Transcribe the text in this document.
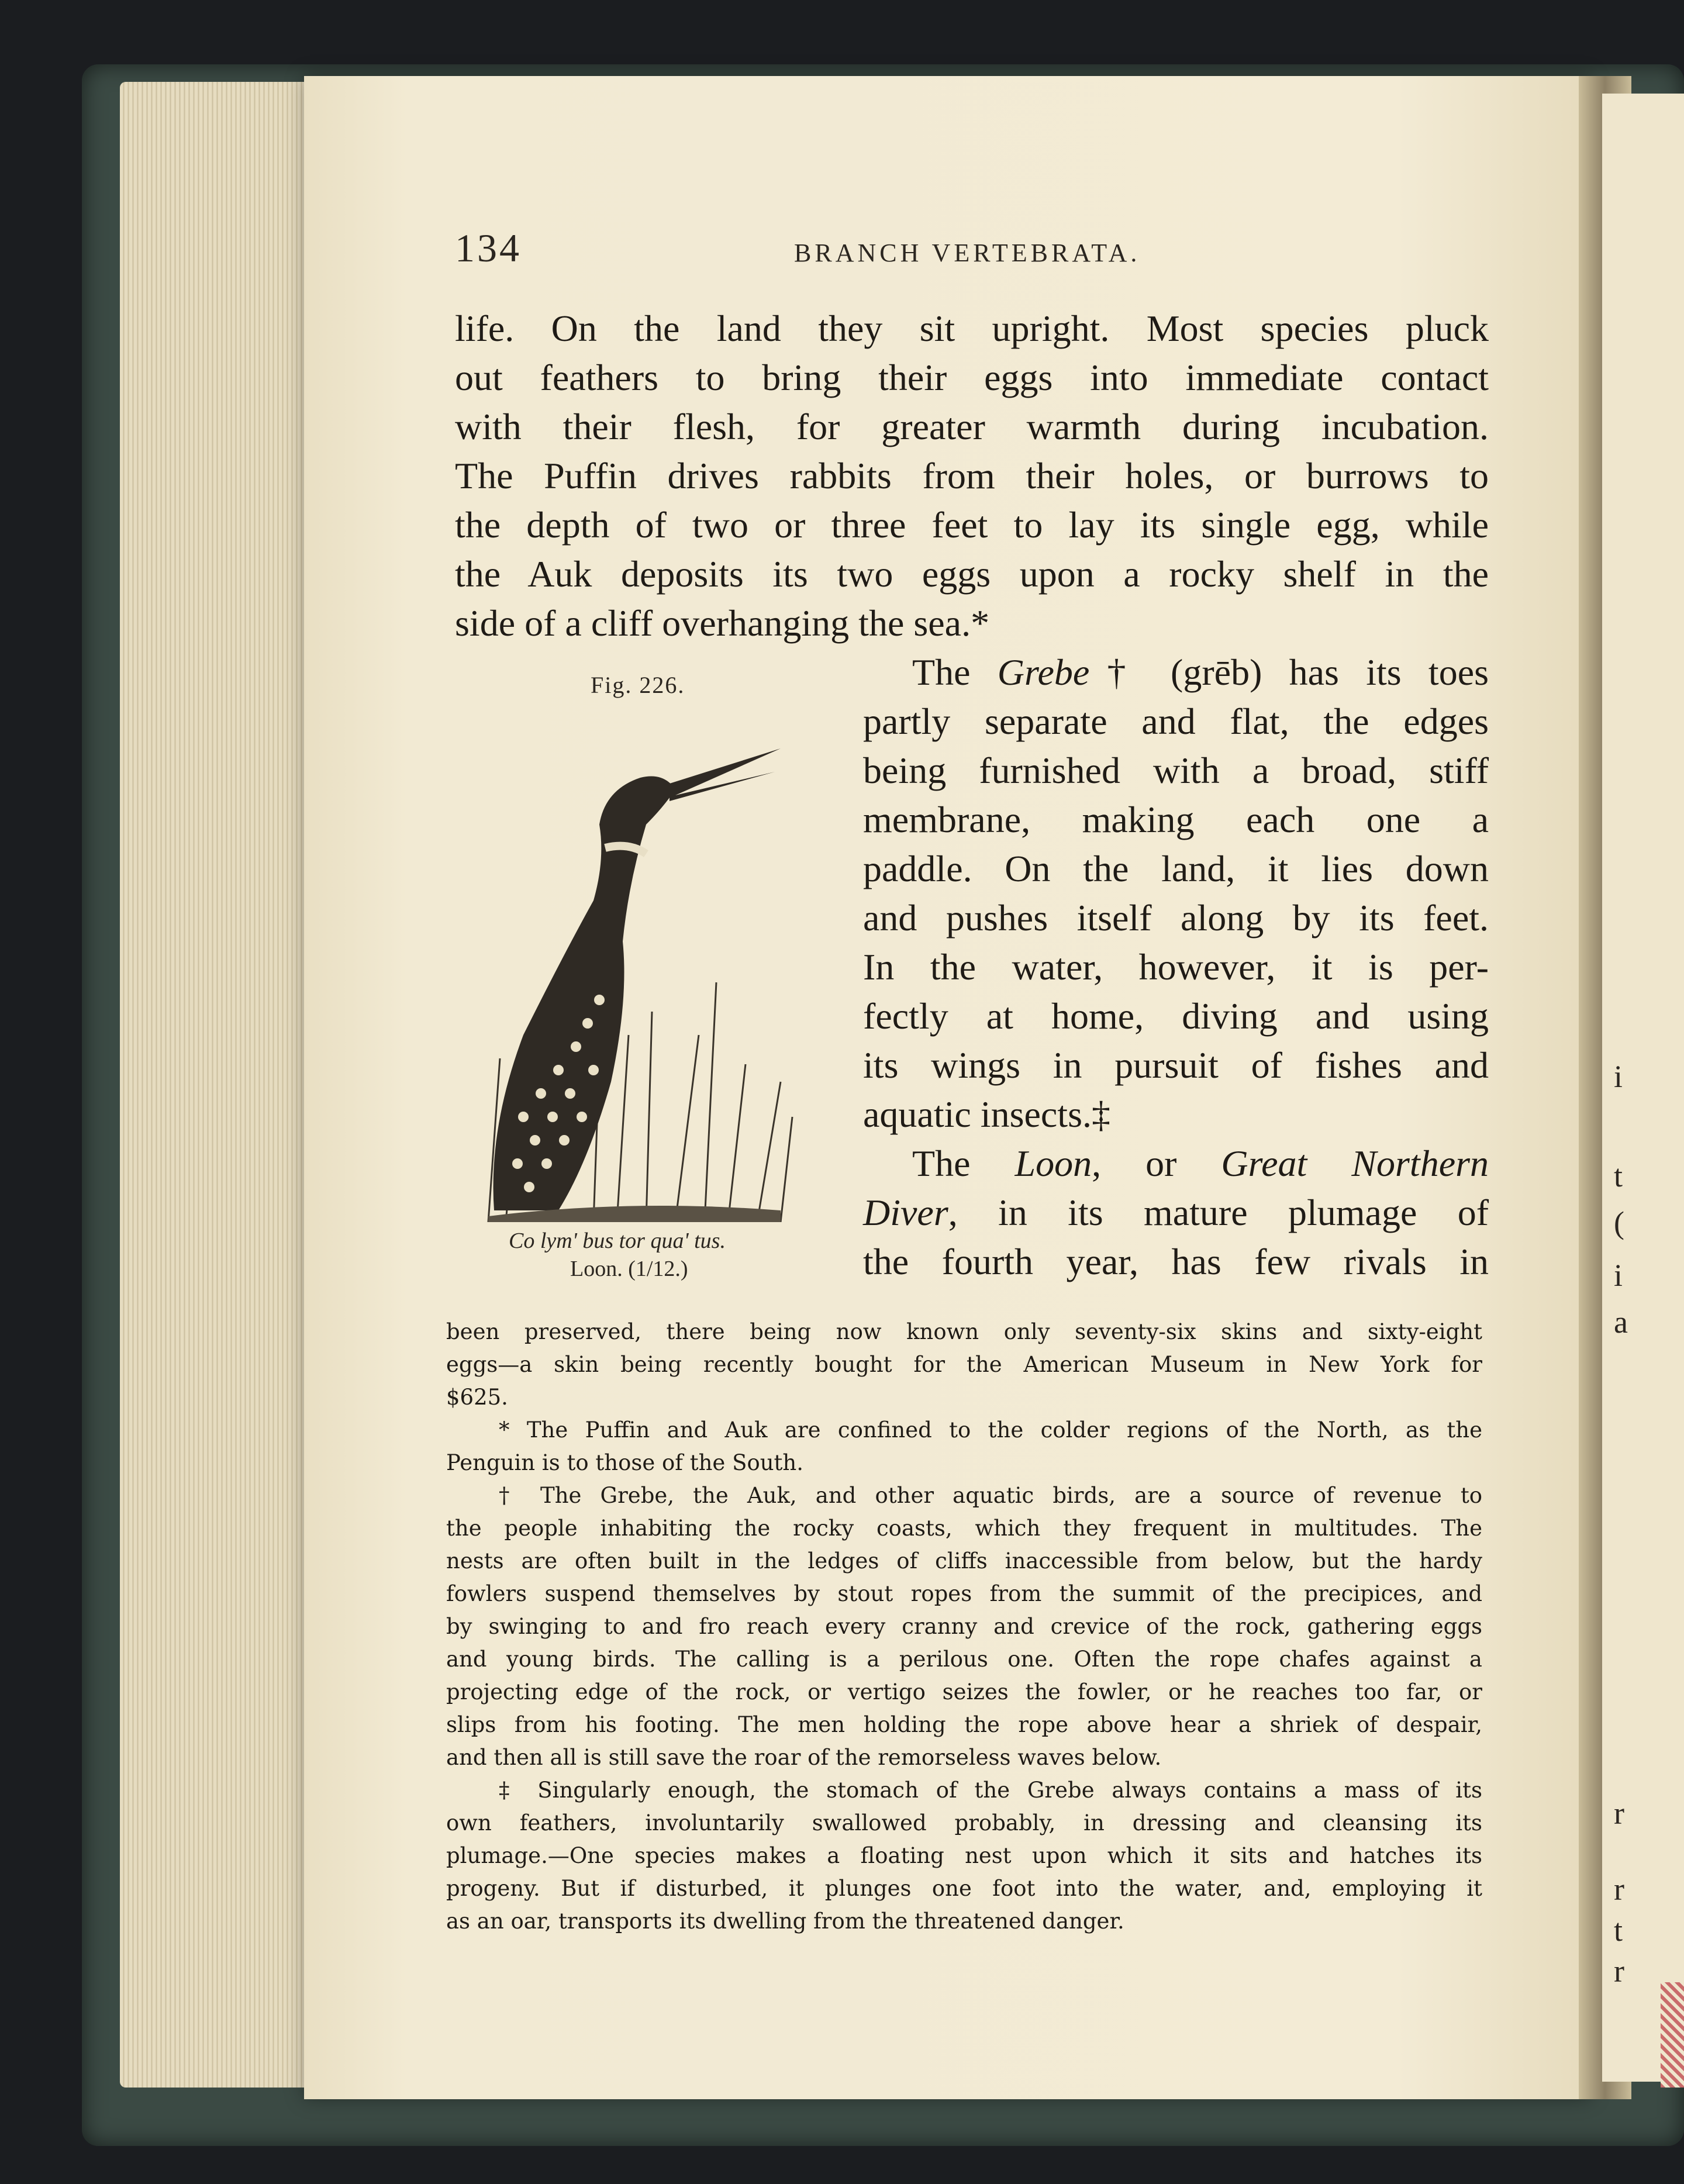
i
t
(
i
a
r
r
t
r
134	BRANCH VERTEBRATA.
life. On the land they sit upright. Most species pluck
out feathers to bring their eggs into immediate contact
with their flesh, for greater warmth during incubation.
The Puffin drives rabbits from their holes, or burrows to
the depth of two or three feet to lay its single egg, while
the Auk deposits its two eggs upon a rocky shelf in the
side of a cliff overhanging the sea.*
The Grebe† (grēb) has its toes
partly separate and flat, the edges
being furnished with a broad, stiff
membrane, making each one a
paddle. On the land, it lies down
and pushes itself along by its feet.
In the water, however, it is per-
fectly at home, diving and using
its wings in pursuit of fishes and
aquatic insects.‡
The Loon, or Great Northern
Diver, in its mature plumage of
the fourth year, has few rivals in
Fig. 226.
Co lym' bus tor qua' tus.
Loon. (1/12.)
been preserved, there being now known only seventy-six skins and sixty-eight
eggs—a skin being recently bought for the American Museum in New York for
$625.
* The Puffin and Auk are confined to the colder regions of the North, as the
Penguin is to those of the South.
† The Grebe, the Auk, and other aquatic birds, are a source of revenue to
the people inhabiting the rocky coasts, which they frequent in multitudes. The
nests are often built in the ledges of cliffs inaccessible from below, but the hardy
fowlers suspend themselves by stout ropes from the summit of the precipices, and
by swinging to and fro reach every cranny and crevice of the rock, gathering eggs
and young birds. The calling is a perilous one. Often the rope chafes against a
projecting edge of the rock, or vertigo seizes the fowler, or he reaches too far, or
slips from his footing. The men holding the rope above hear a shriek of despair,
and then all is still save the roar of the remorseless waves below.
‡ Singularly enough, the stomach of the Grebe always contains a mass of its
own feathers, involuntarily swallowed probably, in dressing and cleansing its
plumage.—One species makes a floating nest upon which it sits and hatches its
progeny. But if disturbed, it plunges one foot into the water, and, employing it
as an oar, transports its dwelling from the threatened danger.
